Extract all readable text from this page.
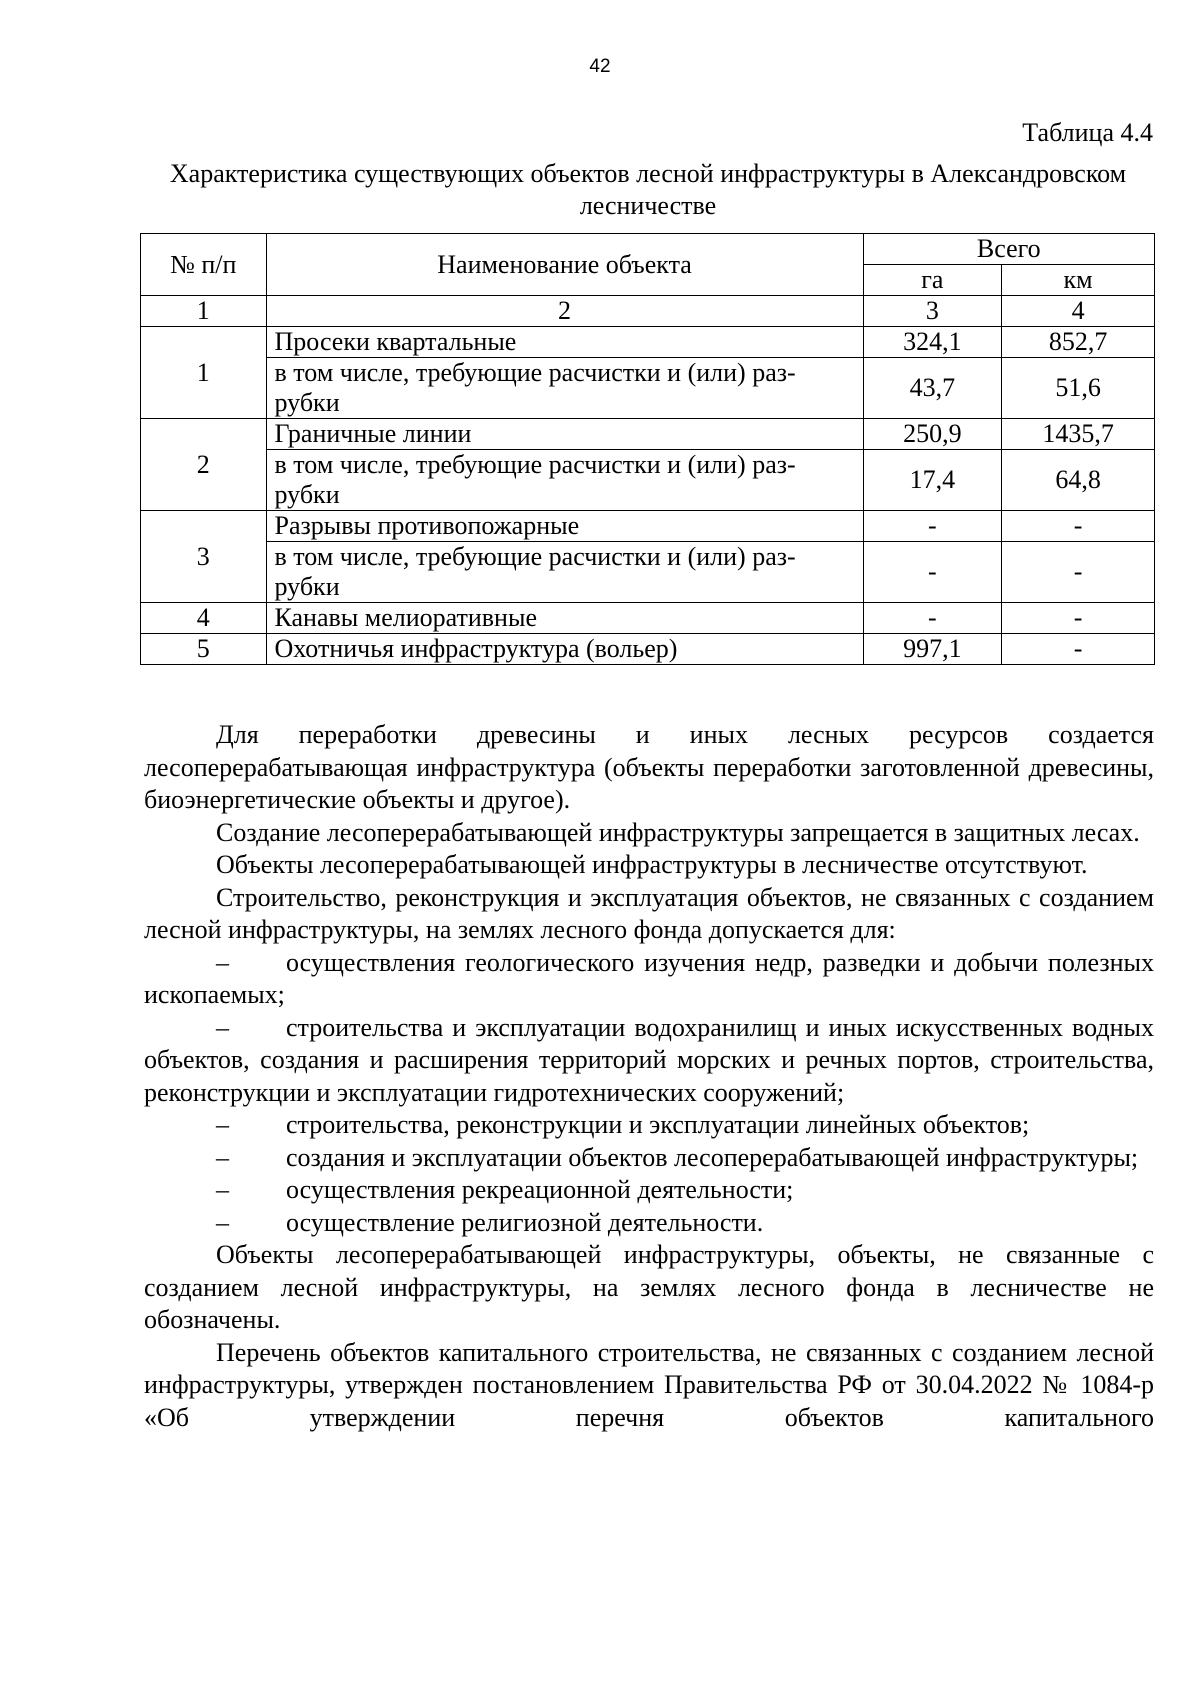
42
Таблица 4.4
Характеристика существующих объектов лесной инфраструктуры в Александровском лесничестве
№ п/п	Наименование объекта	Всего	
		га	км
1	2	3	4
1	Просеки квартальные	324,1	852,7
	в том числе, требующие расчистки и (или) раз-рубки	43,7	51,6
2	Граничные линии	250,9	1435,7
	в том числе, требующие расчистки и (или) раз-рубки	17,4	64,8
3	Разрывы противопожарные	-	-
	в том числе, требующие расчистки и (или) раз-рубки	-	-
4	Канавы мелиоративные	-	-
5	Охотничья инфраструктура (вольер)	997,1	-

Для переработки древесины и иных лесных ресурсов создается лесоперерабатывающая инфраструктура (объекты переработки заготовленной древесины, биоэнергетические объекты и другое).

Создание лесоперерабатывающей инфраструктуры запрещается в защитных лесах.

Объекты лесоперерабатывающей инфраструктуры в лесничестве отсутствуют.

Строительство, реконструкция и эксплуатация объектов, не связанных с созданием лесной инфраструктуры, на землях лесного фонда допускается для:

– осуществления геологического изучения недр, разведки и добычи полезных ископаемых;

– строительства и эксплуатации водохранилищ и иных искусственных водных объектов, создания и расширения территорий морских и речных портов, строительства, реконструкции и эксплуатации гидротехнических сооружений;

– строительства, реконструкции и эксплуатации линейных объектов;

– создания и эксплуатации объектов лесоперерабатывающей инфраструктуры;

– осуществления рекреационной деятельности;

– осуществление религиозной деятельности.

Объекты лесоперерабатывающей инфраструктуры, объекты, не связанные с созданием лесной инфраструктуры, на землях лесного фонда в лесничестве не обозначены.

Перечень объектов капитального строительства, не связанных с созданием лесной инфраструктуры, утвержден постановлением Правительства РФ от 30.04.2022 № 1084-р «Об утверждении перечня объектов капитального
